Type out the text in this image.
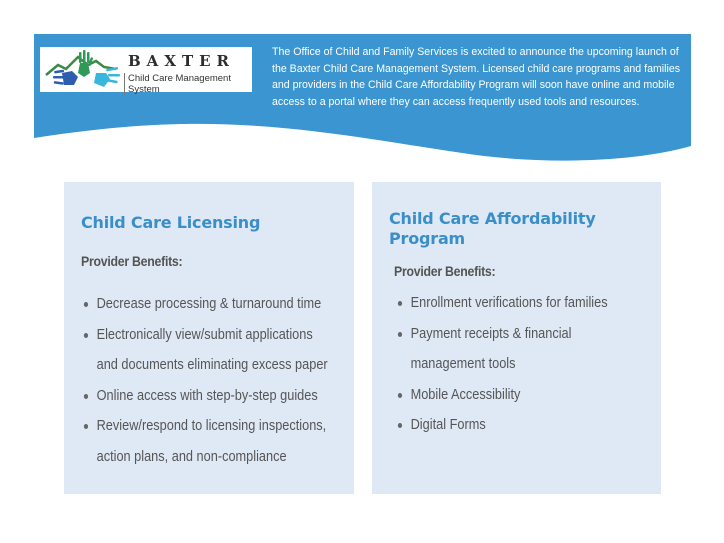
BAXTER
Child Care Management System

The Office of Child and Family Services is excited to announce the upcoming launch of the Baxter Child Care Management System. Licensed child care programs and families and providers in the Child Care Affordability Program will soon have online and mobile access to a portal where they can access frequently used tools and resources.

Child Care Licensing
Provider Benefits:
Decrease processing & turnaround time
Electronically view/submit applications
and documents eliminating excess paper
Online access with step-by-step guides
Review/respond to licensing inspections,
action plans, and non-compliance
Child Care Affordability Program
Provider Benefits:
Enrollment verifications for families
Payment receipts & financial
management tools
Mobile Accessibility
Digital Forms
